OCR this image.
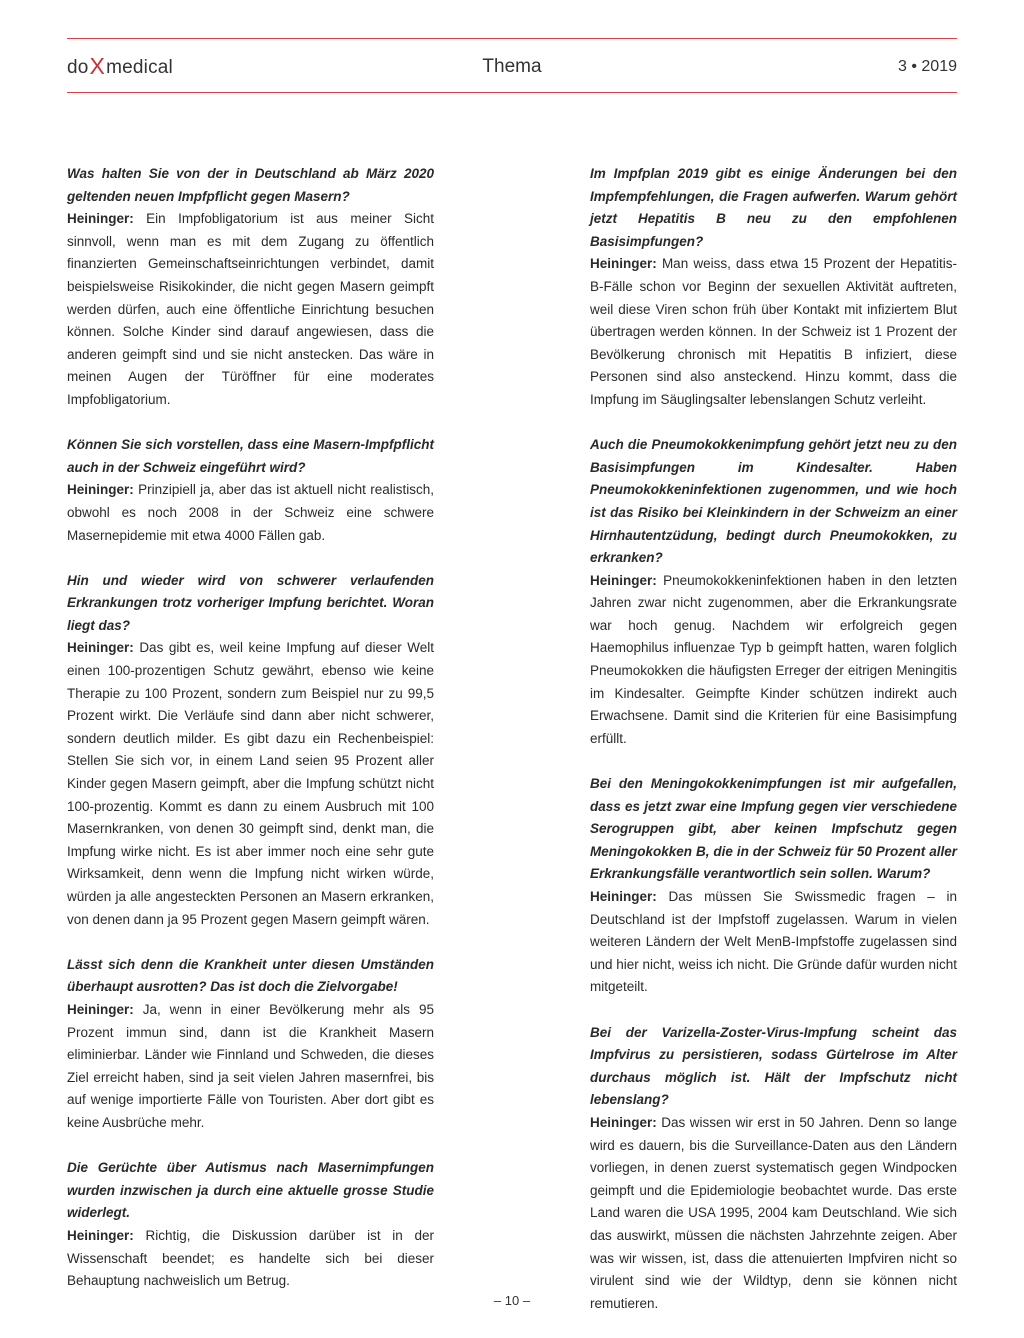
doXmedical	Thema	3 • 2019

Was halten Sie von der in Deutschland ab März 2020 geltenden neuen Impfpflicht gegen Masern?
Heininger: Ein Impfobligatorium ist aus meiner Sicht sinnvoll, wenn man es mit dem Zugang zu öffentlich finanzierten Gemeinschaftseinrichtungen verbindet, damit beispielsweise Risikokinder, die nicht gegen Masern geimpft werden dürfen, auch eine öffentliche Einrichtung besuchen können. Solche Kinder sind darauf angewiesen, dass die anderen geimpft sind und sie nicht anstecken. Das wäre in meinen Augen der Türöffner für eine moderates Impfobligatorium.

Können Sie sich vorstellen, dass eine Masern-Impfpflicht auch in der Schweiz eingeführt wird?
Heininger: Prinzipiell ja, aber das ist aktuell nicht realistisch, obwohl es noch 2008 in der Schweiz eine schwere Masernepidemie mit etwa 4000 Fällen gab.

Hin und wieder wird von schwerer verlaufenden Erkrankungen trotz vorheriger Impfung berichtet. Woran liegt das?
Heininger: Das gibt es, weil keine Impfung auf dieser Welt einen 100-prozentigen Schutz gewährt, ebenso wie keine Therapie zu 100 Prozent, sondern zum Beispiel nur zu 99,5 Prozent wirkt. Die Verläufe sind dann aber nicht schwerer, sondern deutlich milder. Es gibt dazu ein Rechenbeispiel: Stellen Sie sich vor, in einem Land seien 95 Prozent aller Kinder gegen Masern geimpft, aber die Impfung schützt nicht 100-prozentig. Kommt es dann zu einem Ausbruch mit 100 Masernkranken, von denen 30 geimpft sind, denkt man, die Impfung wirke nicht. Es ist aber immer noch eine sehr gute Wirksamkeit, denn wenn die Impfung nicht wirken würde, würden ja alle angesteckten Personen an Masern erkranken, von denen dann ja 95 Prozent gegen Masern geimpft wären.

Lässt sich denn die Krankheit unter diesen Umständen überhaupt ausrotten? Das ist doch die Zielvorgabe!
Heininger: Ja, wenn in einer Bevölkerung mehr als 95 Prozent immun sind, dann ist die Krankheit Masern eliminierbar. Länder wie Finnland und Schweden, die dieses Ziel erreicht haben, sind ja seit vielen Jahren masernfrei, bis auf wenige importierte Fälle von Touristen. Aber dort gibt es keine Ausbrüche mehr.

Die Gerüchte über Autismus nach Masernimpfungen wurden inzwischen ja durch eine aktuelle grosse Studie widerlegt.
Heininger: Richtig, die Diskussion darüber ist in der Wissenschaft beendet; es handelte sich bei dieser Behauptung nachweislich um Betrug.

Im Impfplan 2019 gibt es einige Änderungen bei den Impfempfehlungen, die Fragen aufwerfen. Warum gehört jetzt Hepatitis B neu zu den empfohlenen Basisimpfungen?
Heininger: Man weiss, dass etwa 15 Prozent der Hepatitis-B-Fälle schon vor Beginn der sexuellen Aktivität auftreten, weil diese Viren schon früh über Kontakt mit infiziertem Blut übertragen werden können. In der Schweiz ist 1 Prozent der Bevölkerung chronisch mit Hepatitis B infiziert, diese Personen sind also ansteckend. Hinzu kommt, dass die Impfung im Säuglingsalter lebenslangen Schutz verleiht.

Auch die Pneumokokkenimpfung gehört jetzt neu zu den Basisimpfungen im Kindesalter. Haben Pneumokokkeninfektionen zugenommen, und wie hoch ist das Risiko bei Kleinkindern in der Schweizm an einer Hirnhautentzüdung, bedingt durch Pneumokokken, zu erkranken?
Heininger: Pneumokokkeninfektionen haben in den letzten Jahren zwar nicht zugenommen, aber die Erkrankungsrate war hoch genug. Nachdem wir erfolgreich gegen Haemophilus influenzae Typ b geimpft hatten, waren folglich Pneumokokken die häufigsten Erreger der eitrigen Meningitis im Kindesalter. Geimpfte Kinder schützen indirekt auch Erwachsene. Damit sind die Kriterien für eine Basisimpfung erfüllt.

Bei den Meningokokkenimpfungen ist mir aufgefallen, dass es jetzt zwar eine Impfung gegen vier verschiedene Serogruppen gibt, aber keinen Impfschutz gegen Meningokokken B, die in der Schweiz für 50 Prozent aller Erkrankungsfälle verantwortlich sein sollen. Warum?
Heininger: Das müssen Sie Swissmedic fragen – in Deutschland ist der Impfstoff zugelassen. Warum in vielen weiteren Ländern der Welt MenB-Impfstoffe zugelassen sind und hier nicht, weiss ich nicht. Die Gründe dafür wurden nicht mitgeteilt.

Bei der Varizella-Zoster-Virus-Impfung scheint das Impfvirus zu persistieren, sodass Gürtelrose im Alter durchaus möglich ist. Hält der Impfschutz nicht lebenslang?
Heininger: Das wissen wir erst in 50 Jahren. Denn so lange wird es dauern, bis die Surveillance-Daten aus den Ländern vorliegen, in denen zuerst systematisch gegen Windpocken geimpft und die Epidemiologie beobachtet wurde. Das erste Land waren die USA 1995, 2004 kam Deutschland. Wie sich das auswirkt, müssen die nächsten Jahrzehnte zeigen. Aber was wir wissen, ist, dass die attenuierten Impfviren nicht so virulent sind wie der Wildtyp, denn sie können nicht remutieren.

– 10 –
